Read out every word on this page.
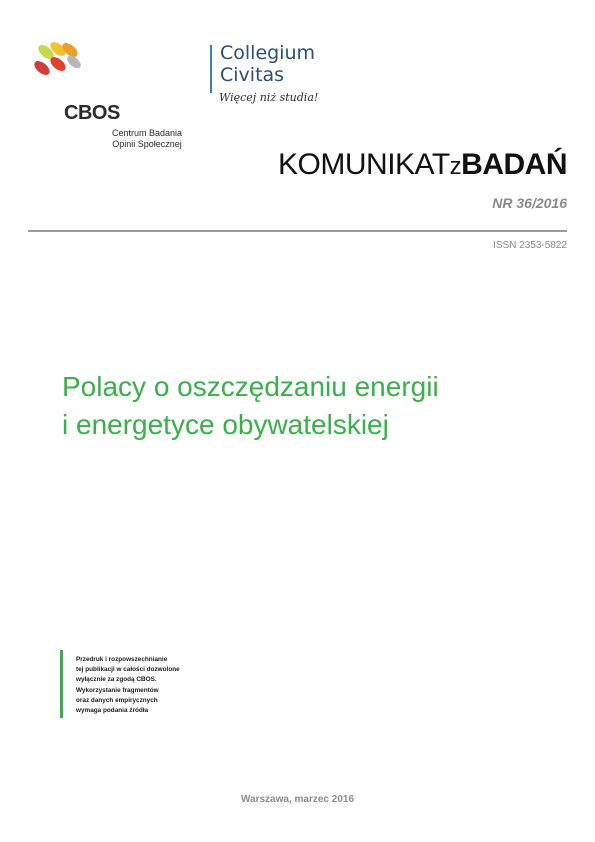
CBOS
Centrum Badania
Opinii Społecznej
Collegium
Civitas
Więcej niż studia!
KOMUNIKATzBADAŃ
NR 36/2016
ISSN 2353-5822
Polacy o oszczędzaniu energii
i energetyce obywatelskiej
Przedruk i rozpowszechnianie
tej publikacji w całości dozwolone
wyłącznie za zgodą CBOS.
Wykorzystanie fragmentów
oraz danych empirycznych
wymaga podania źródła
Warszawa, marzec 2016
